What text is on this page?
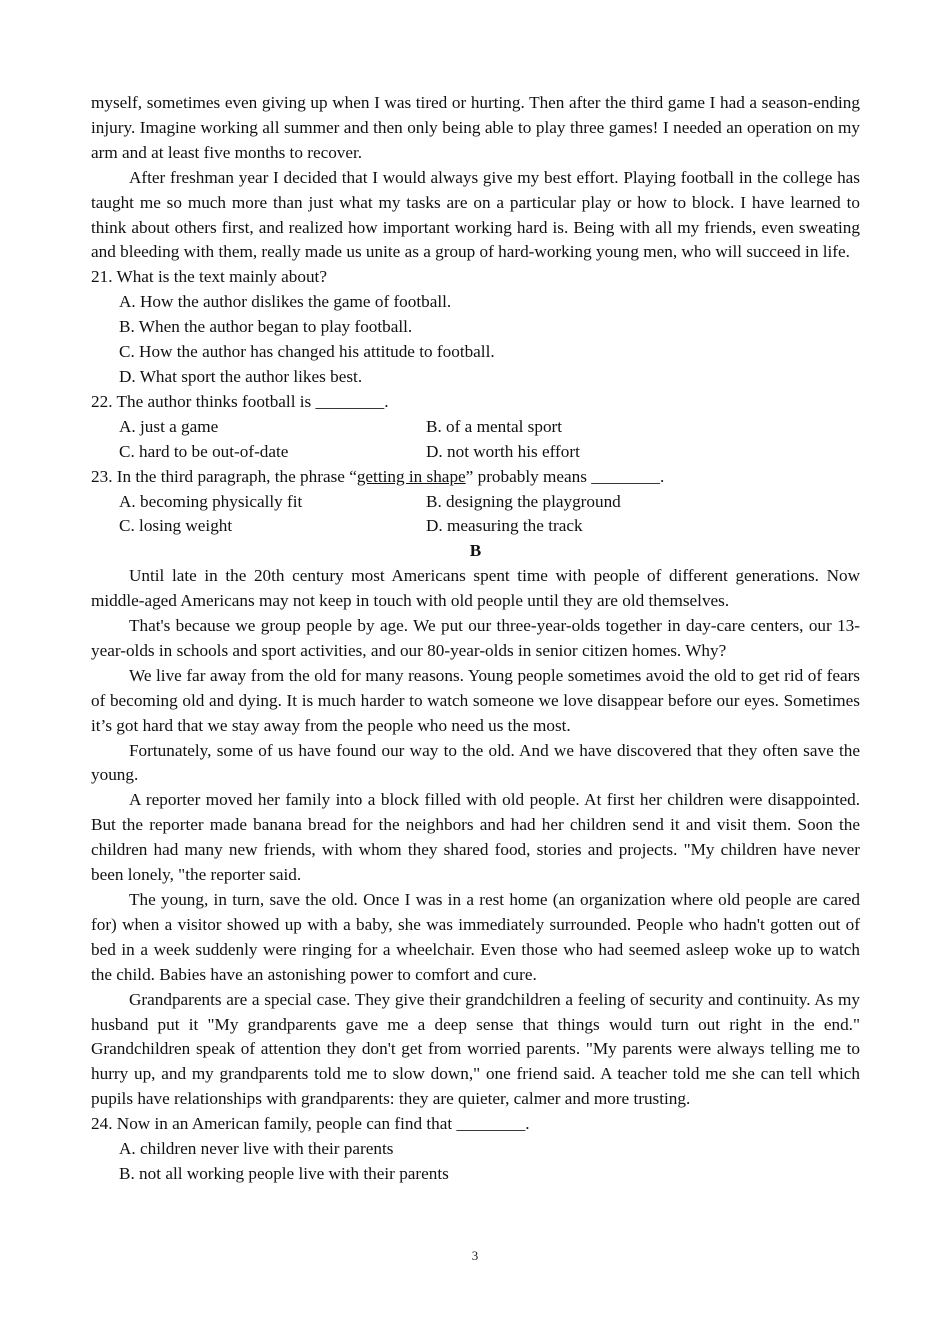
myself, sometimes even giving up when I was tired or hurting. Then after the third game I had a season-ending injury. Imagine working all summer and then only being able to play three games! I needed an operation on my arm and at least five months to recover.

After freshman year I decided that I would always give my best effort. Playing football in the college has taught me so much more than just what my tasks are on a particular play or how to block. I have learned to think about others first, and realized how important working hard is. Being with all my friends, even sweating and bleeding with them, really made us unite as a group of hard-working young men, who will succeed in life.

21. What is the text mainly about?

A. How the author dislikes the game of football.

B. When the author began to play football.

C. How the author has changed his attitude to football.

D. What sport the author likes best.

22. The author thinks football is ________.

A. just a game	B. of a mental sport
C. hard to be out-of-date	D. not worth his effort

23. In the third paragraph, the phrase “getting in shape” probably means ________.

A. becoming physically fit	B. designing the playground
C. losing weight	D. measuring the track

B

Until late in the 20th century most Americans spent time with people of different generations. Now middle-aged Americans may not keep in touch with old people until they are old themselves.

That's because we group people by age. We put our three-year-olds together in day-care centers, our 13-year-olds in schools and sport activities, and our 80-year-olds in senior citizen homes. Why?

We live far away from the old for many reasons. Young people sometimes avoid the old to get rid of fears of becoming old and dying. It is much harder to watch someone we love disappear before our eyes. Sometimes it’s got hard that we stay away from the people who need us the most.

Fortunately, some of us have found our way to the old. And we have discovered that they often save the young.

A reporter moved her family into a block filled with old people. At first her children were disappointed. But the reporter made banana bread for the neighbors and had her children send it and visit them. Soon the children had many new friends, with whom they shared food, stories and projects. "My children have never been lonely, "the reporter said.

The young, in turn, save the old. Once I was in a rest home (an organization where old people are cared for) when a visitor showed up with a baby, she was immediately surrounded. People who hadn't gotten out of bed in a week suddenly were ringing for a wheelchair. Even those who had seemed asleep woke up to watch the child. Babies have an astonishing power to comfort and cure.

Grandparents are a special case. They give their grandchildren a feeling of security and continuity. As my husband put it "My grandparents gave me a deep sense that things would turn out right in the end." Grandchildren speak of attention they don't get from worried parents. "My parents were always telling me to hurry up, and my grandparents told me to slow down," one friend said. A teacher told me she can tell which pupils have relationships with grandparents: they are quieter, calmer and more trusting.

24. Now in an American family, people can find that ________.

A. children never live with their parents

B. not all working people live with their parents

3
